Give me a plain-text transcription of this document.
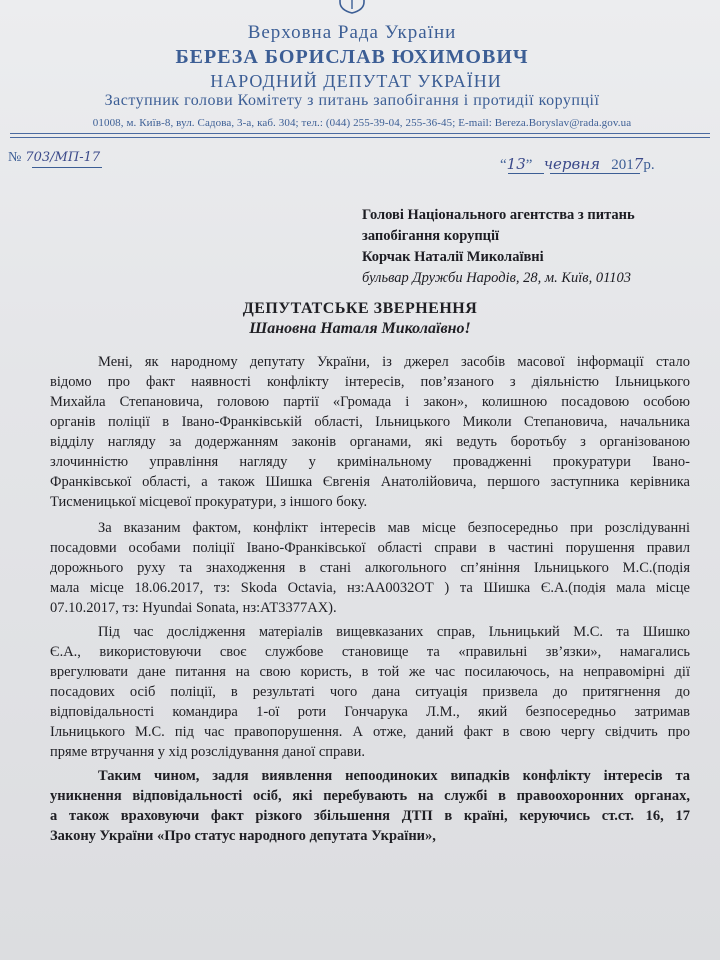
Верховна Рада України
БЕРЕЗА БОРИСЛАВ ЮХИМОВИЧ
НАРОДНИЙ ДЕПУТАТ УКРАЇНИ
Заступник голови Комітету з питань запобігання і протидії корупції
01008, м. Київ-8, вул. Садова, 3-а, каб. 304; тел.: (044) 255-39-04, 255-36-45; E-mail: Bereza.Boryslav@rada.gov.ua
№ 703/МП-17	“13” червня 2017р.
Голові Національного агентства з питань
запобігання корупції
Корчак Наталії Миколаївні
бульвар Дружби Народів, 28, м. Київ, 01103
ДЕПУТАТСЬКЕ ЗВЕРНЕННЯ
Шановна Наталя Миколаївно!
Мені, як народному депутату України, із джерел засобів масової інформації стало
відомо про факт наявності конфлікту інтересів, пов’язаного з діяльністю Ільницького
Михайла Степановича, головою партії «Громада і закон», колишною посадовою особою
органів поліції в Івано-Франківській області, Ільницького Миколи Степановича, начальника
відділу нагляду за додержанням законів органами, які ведуть боротьбу з організованою
злочинністю управління нагляду у кримінальному провадженні прокуратури Івано-
Франківської області, а також Шишка Євгенія Анатолійовича, першого заступника керівника
Тисменицької місцевої прокуратури, з іншого боку.
За вказаним фактом, конфлікт інтересів мав місце безпосередньо при розслідуванні
посадовми особами поліції Івано-Франківської області справи в частині порушення правил
дорожнього руху та знаходження в стані алкогольного сп’яніння Ільницького М.С.(подія
мала місце 18.06.2017, тз: Skoda Octavia, нз:АА0032ОТ ) та Шишка Є.А.(подія мала місце
07.10.2017, тз: Hyundai Sonata, нз:АТ3377АХ).
Під час дослідження матеріалів вищевказаних справ, Ільницький М.С. та Шишко
Є.А., використовуючи своє службове становище та «правильні зв’язки», намагались
врегулювати дане питання на свою користь, в той же час посилаючось, на неправомірні дії
посадових осіб поліції, в результаті чого дана ситуація призвела до притягнення до
відповідальності командира 1-ої роти Гончарука Л.М., який безпосередньо затримав
Ільницького М.С. під час правопорушення. А отже, даний факт в свою чергу свідчить про
пряме втручання у хід розслідування даної справи.
Таким чином, задля виявлення непоодиноких випадків конфлікту інтересів та
уникнення відповідальності осіб, які перебувають на службі в правоохоронних органах,
а також враховуючи факт різкого збільшення ДТП в країні, керуючись ст.ст. 16, 17
Закону України «Про статус народного депутата України»,
